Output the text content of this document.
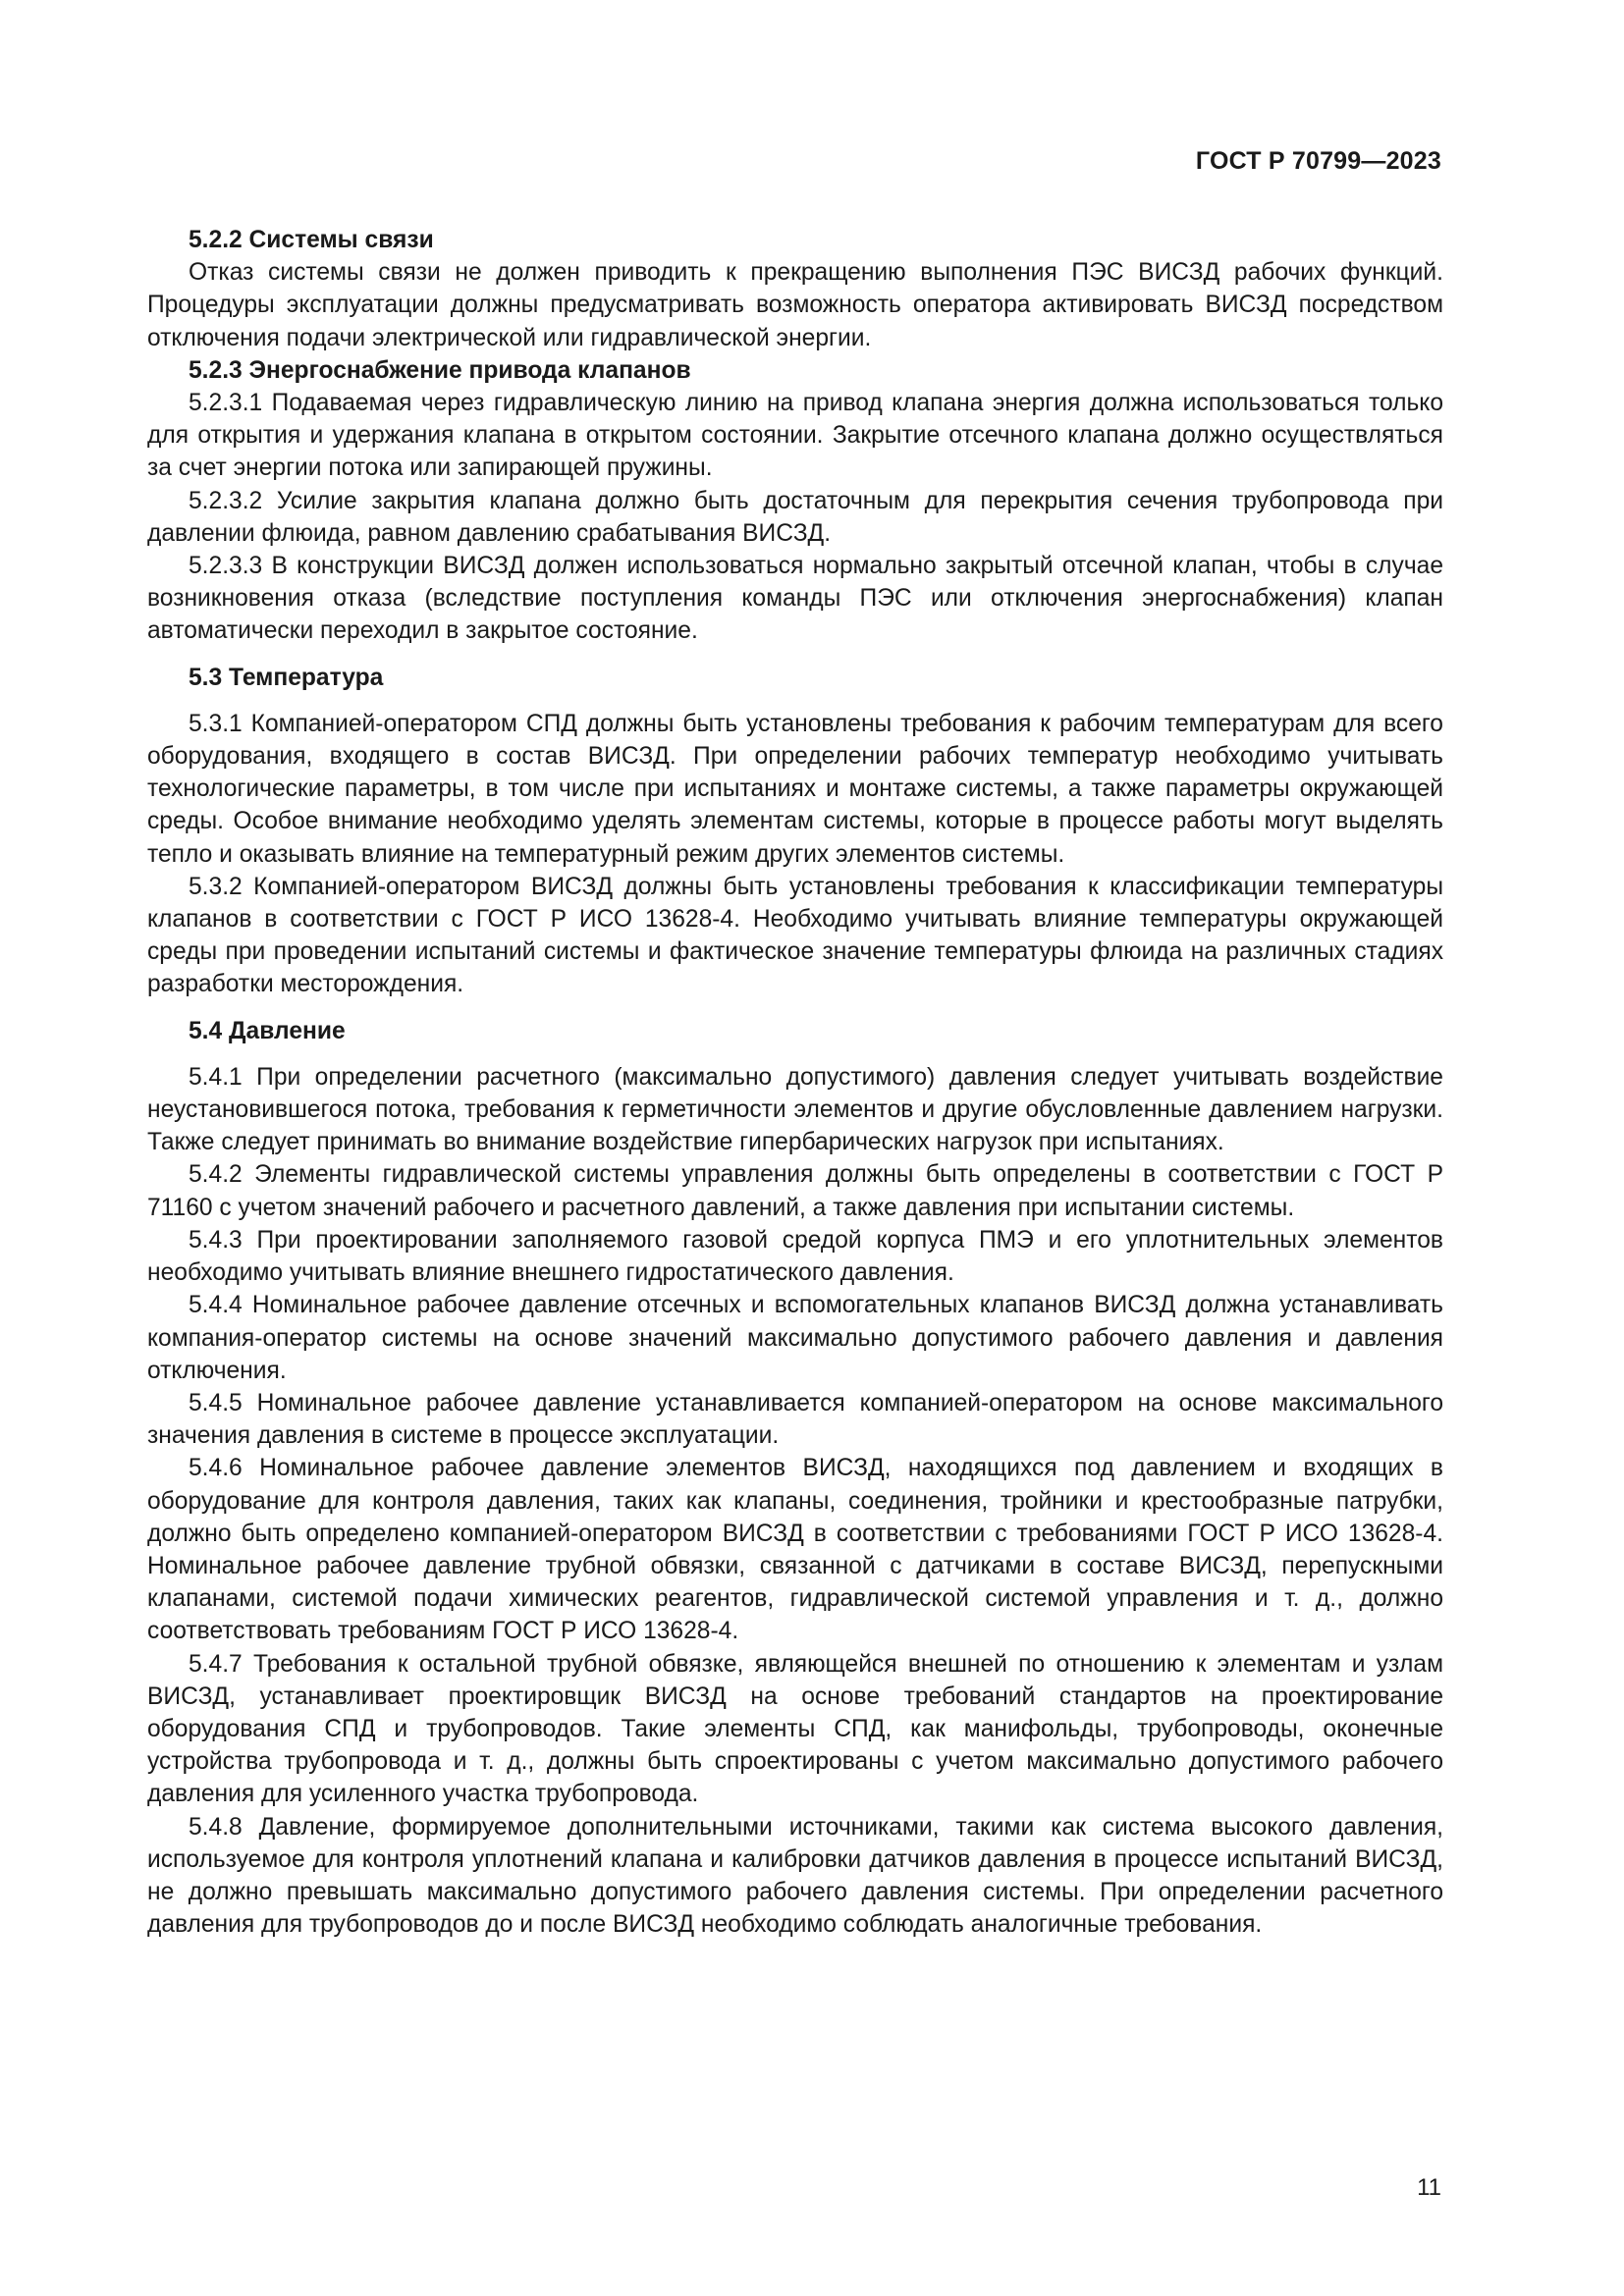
ГОСТ Р 70799—2023
5.2.2 Системы связи

Отказ системы связи не должен приводить к прекращению выполнения ПЭС ВИСЗД рабочих функций. Процедуры эксплуатации должны предусматривать возможность оператора активировать ВИСЗД посредством отключения подачи электрической или гидравлической энергии.

5.2.3 Энергоснабжение привода клапанов

5.2.3.1 Подаваемая через гидравлическую линию на привод клапана энергия должна использоваться только для открытия и удержания клапана в открытом состоянии. Закрытие отсечного клапана должно осуществляться за счет энергии потока или запирающей пружины.

5.2.3.2 Усилие закрытия клапана должно быть достаточным для перекрытия сечения трубопровода при давлении флюида, равном давлению срабатывания ВИСЗД.

5.2.3.3 В конструкции ВИСЗД должен использоваться нормально закрытый отсечной клапан, чтобы в случае возникновения отказа (вследствие поступления команды ПЭС или отключения энергоснабжения) клапан автоматически переходил в закрытое состояние.

5.3 Температура

5.3.1 Компанией-оператором СПД должны быть установлены требования к рабочим температурам для всего оборудования, входящего в состав ВИСЗД. При определении рабочих температур необходимо учитывать технологические параметры, в том числе при испытаниях и монтаже системы, а также параметры окружающей среды. Особое внимание необходимо уделять элементам системы, которые в процессе работы могут выделять тепло и оказывать влияние на температурный режим других элементов системы.

5.3.2 Компанией-оператором ВИСЗД должны быть установлены требования к классификации температуры клапанов в соответствии с ГОСТ Р ИСО 13628-4. Необходимо учитывать влияние температуры окружающей среды при проведении испытаний системы и фактическое значение температуры флюида на различных стадиях разработки месторождения.

5.4 Давление

5.4.1 При определении расчетного (максимально допустимого) давления следует учитывать воздействие неустановившегося потока, требования к герметичности элементов и другие обусловленные давлением нагрузки. Также следует принимать во внимание воздействие гипербарических нагрузок при испытаниях.

5.4.2 Элементы гидравлической системы управления должны быть определены в соответствии с ГОСТ Р 71160 с учетом значений рабочего и расчетного давлений, а также давления при испытании системы.

5.4.3 При проектировании заполняемого газовой средой корпуса ПМЭ и его уплотнительных элементов необходимо учитывать влияние внешнего гидростатического давления.

5.4.4 Номинальное рабочее давление отсечных и вспомогательных клапанов ВИСЗД должна устанавливать компания-оператор системы на основе значений максимально допустимого рабочего давления и давления отключения.

5.4.5 Номинальное рабочее давление устанавливается компанией-оператором на основе максимального значения давления в системе в процессе эксплуатации.

5.4.6 Номинальное рабочее давление элементов ВИСЗД, находящихся под давлением и входящих в оборудование для контроля давления, таких как клапаны, соединения, тройники и крестообразные патрубки, должно быть определено компанией-оператором ВИСЗД в соответствии с требованиями ГОСТ Р ИСО 13628-4. Номинальное рабочее давление трубной обвязки, связанной с датчиками в составе ВИСЗД, перепускными клапанами, системой подачи химических реагентов, гидравлической системой управления и т. д., должно соответствовать требованиям ГОСТ Р ИСО 13628-4.

5.4.7 Требования к остальной трубной обвязке, являющейся внешней по отношению к элементам и узлам ВИСЗД, устанавливает проектировщик ВИСЗД на основе требований стандартов на проектирование оборудования СПД и трубопроводов. Такие элементы СПД, как манифольды, трубопроводы, оконечные устройства трубопровода и т. д., должны быть спроектированы с учетом максимально допустимого рабочего давления для усиленного участка трубопровода.

5.4.8 Давление, формируемое дополнительными источниками, такими как система высокого давления, используемое для контроля уплотнений клапана и калибровки датчиков давления в процессе испытаний ВИСЗД, не должно превышать максимально допустимого рабочего давления системы. При определении расчетного давления для трубопроводов до и после ВИСЗД необходимо соблюдать аналогичные требования.

11
